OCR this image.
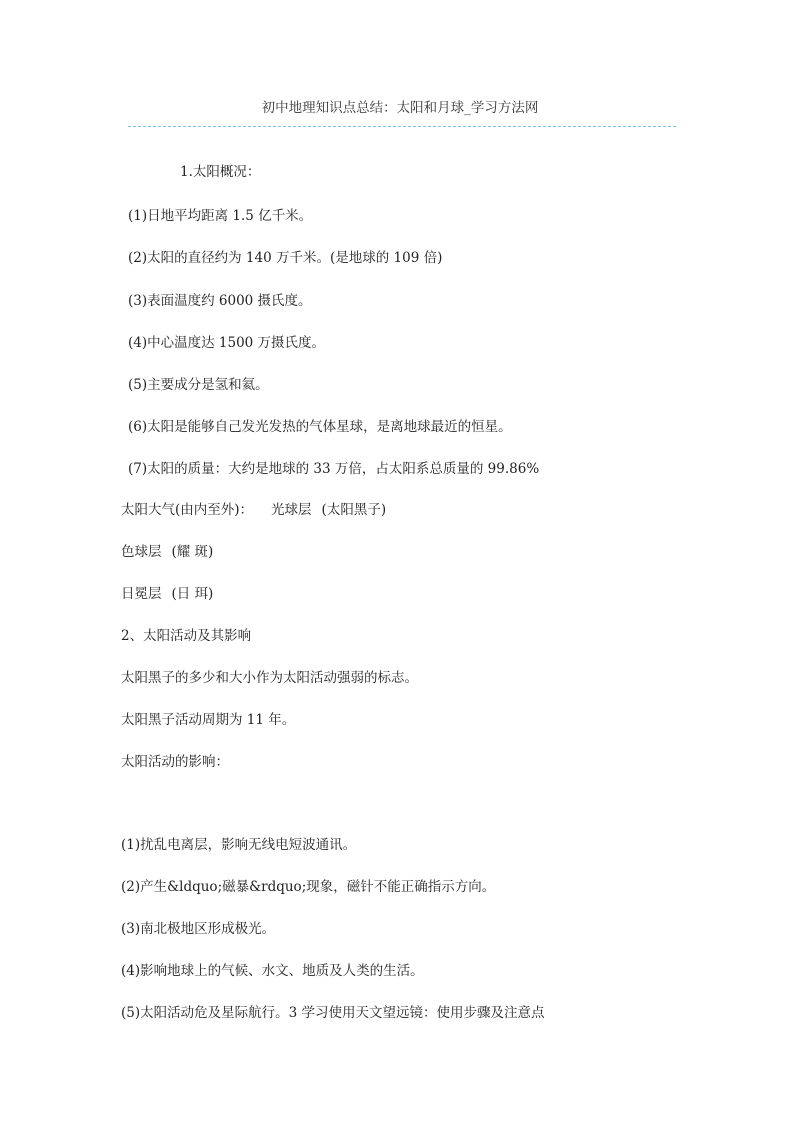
初中地理知识点总结：太阳和月球_学习方法网
1.太阳概况：
(1)日地平均距离 1.5 亿千米。
(2)太阳的直径约为 140 万千米。(是地球的 109 倍)
(3)表面温度约 6000 摄氏度。
(4)中心温度达 1500 万摄氏度。
(5)主要成分是氢和氦。
(6)太阳是能够自己发光发热的气体星球，是离地球最近的恒星。
(7)太阳的质量：大约是地球的 33 万倍，占太阳系总质量的 99.86%
太阳大气(由内至外)： 光球层 (太阳黑子)
色球层 (耀 斑)
日冕层 (日 珥)
2、太阳活动及其影响
太阳黑子的多少和大小作为太阳活动强弱的标志。
太阳黑子活动周期为 11 年。
太阳活动的影响：
(1)扰乱电离层，影响无线电短波通讯。
(2)产生&ldquo;磁暴&rdquo;现象，磁针不能正确指示方向。
(3)南北极地区形成极光。
(4)影响地球上的气候、水文、地质及人类的生活。
(5)太阳活动危及星际航行。3 学习使用天文望远镜：使用步骤及注意点
